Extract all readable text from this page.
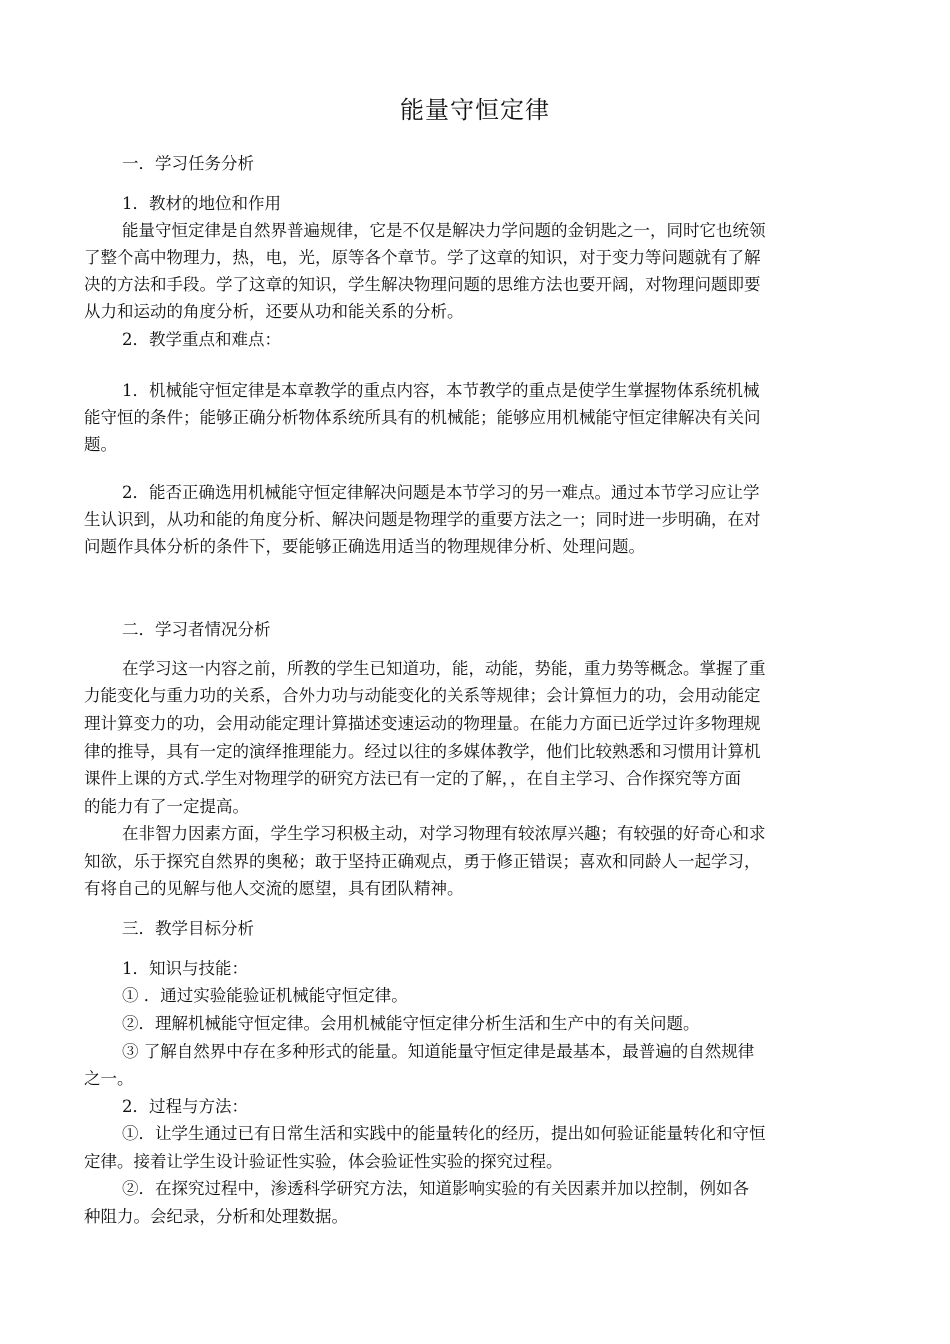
能量守恒定律
一．学习任务分析
1．教材的地位和作用
能量守恒定律是自然界普遍规律，它是不仅是解决力学问题的金钥匙之一，同时它也统领
了整个高中物理力，热，电，光，原等各个章节。学了这章的知识，对于变力等问题就有了解
决的方法和手段。学了这章的知识，学生解决物理问题的思维方法也要开阔，对物理问题即要
从力和运动的角度分析，还要从功和能关系的分析。
2．教学重点和难点：
1．机械能守恒定律是本章教学的重点内容，本节教学的重点是使学生掌握物体系统机械
能守恒的条件；能够正确分析物体系统所具有的机械能；能够应用机械能守恒定律解决有关问
题。
2．能否正确选用机械能守恒定律解决问题是本节学习的另一难点。通过本节学习应让学
生认识到，从功和能的角度分析、解决问题是物理学的重要方法之一；同时进一步明确，在对
问题作具体分析的条件下，要能够正确选用适当的物理规律分析、处理问题。
二．学习者情况分析
在学习这一内容之前，所教的学生已知道功，能，动能，势能，重力势等概念。掌握了重
力能变化与重力功的关系，合外力功与动能变化的关系等规律；会计算恒力的功，会用动能定
理计算变力的功，会用动能定理计算描述变速运动的物理量。在能力方面已近学过许多物理规
律的推导，具有一定的演绎推理能力。经过以往的多媒体教学，他们比较熟悉和习惯用计算机
课件上课的方式.学生对物理学的研究方法已有一定的了解，，在自主学习、合作探究等方面
的能力有了一定提高。
在非智力因素方面，学生学习积极主动，对学习物理有较浓厚兴趣；有较强的好奇心和求
知欲，乐于探究自然界的奥秘；敢于坚持正确观点，勇于修正错误；喜欢和同龄人一起学习，
有将自己的见解与他人交流的愿望，具有团队精神。
三．教学目标分析
1．知识与技能：
① ．通过实验能验证机械能守恒定律。
②．理解机械能守恒定律。会用机械能守恒定律分析生活和生产中的有关问题。
③ 了解自然界中存在多种形式的能量。知道能量守恒定律是最基本，最普遍的自然规律
之一。
2．过程与方法：
①．让学生通过已有日常生活和实践中的能量转化的经历，提出如何验证能量转化和守恒
定律。接着让学生设计验证性实验，体会验证性实验的探究过程。
②．在探究过程中，渗透科学研究方法，知道影响实验的有关因素并加以控制，例如各
种阻力。会纪录，分析和处理数据。
